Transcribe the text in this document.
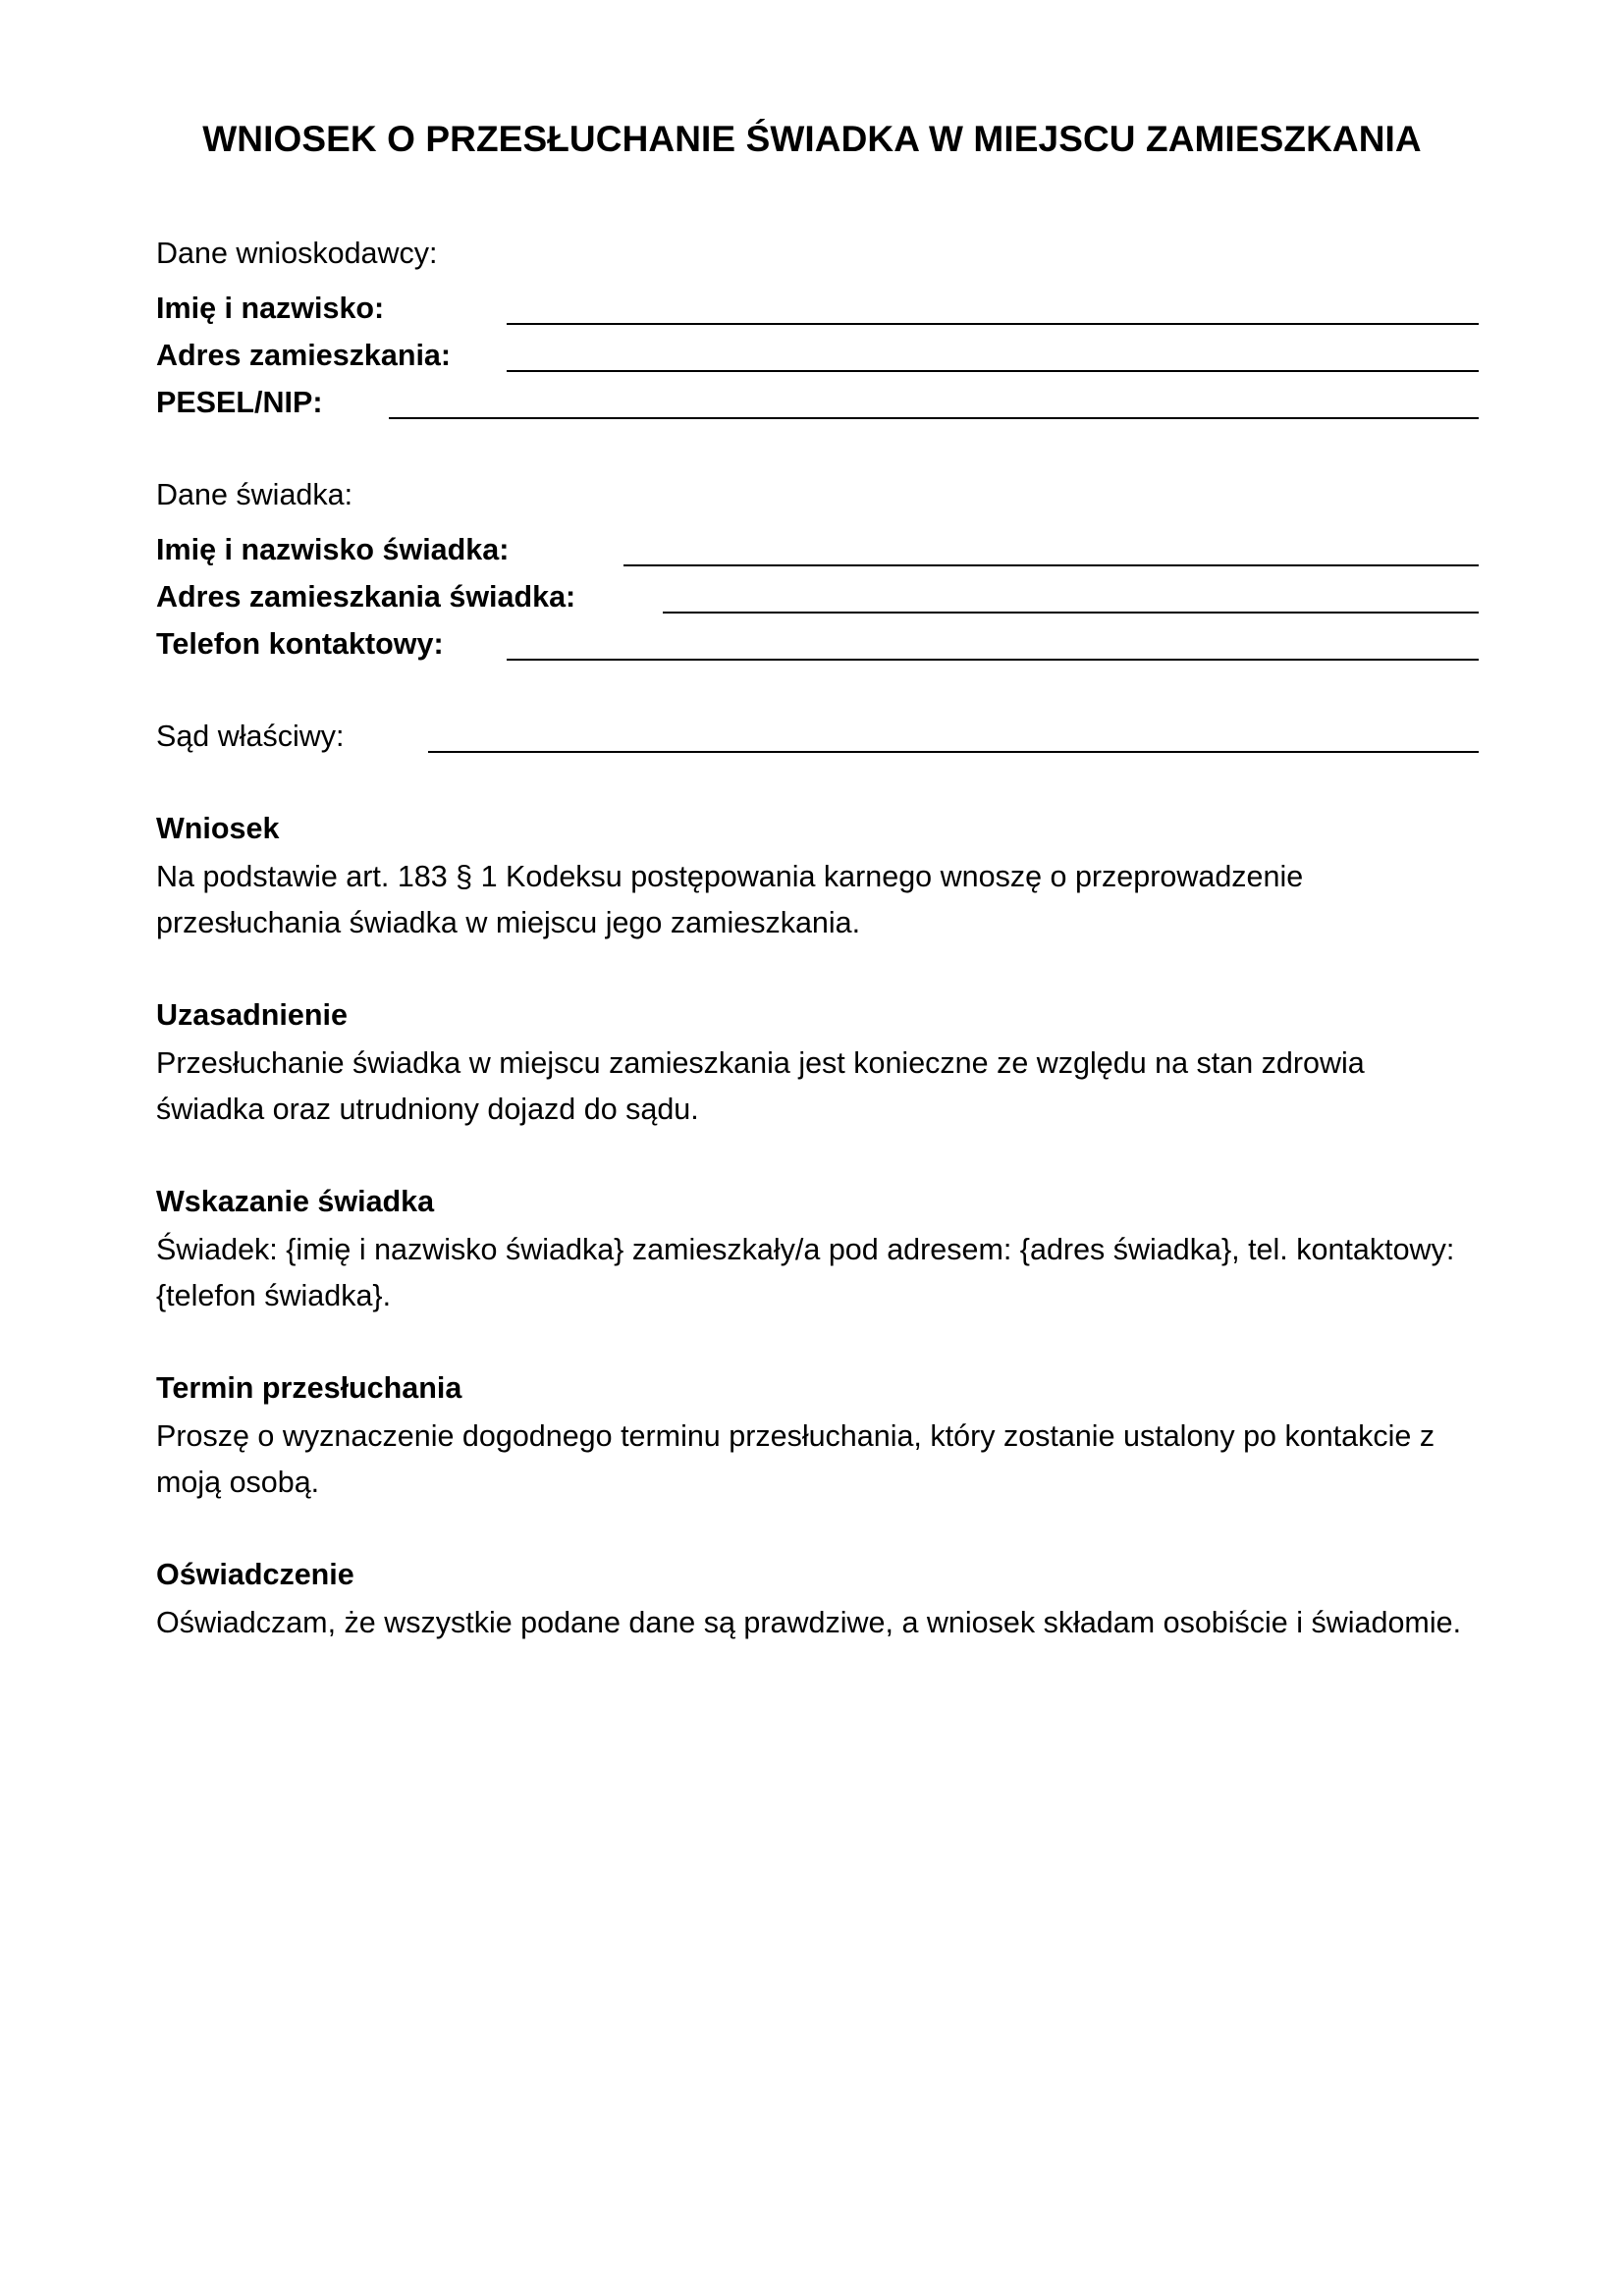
WNIOSEK O PRZESŁUCHANIE ŚWIADKA W MIEJSCU ZAMIESZKANIA
Dane wnioskodawcy:
Imię i nazwisko:
Adres zamieszkania:
PESEL/NIP:
Dane świadka:
Imię i nazwisko świadka:
Adres zamieszkania świadka:
Telefon kontaktowy:
Sąd właściwy:
Wniosek
Na podstawie art. 183 § 1 Kodeksu postępowania karnego wnoszę o przeprowadzenie
przesłuchania świadka w miejscu jego zamieszkania.
Uzasadnienie
Przesłuchanie świadka w miejscu zamieszkania jest konieczne ze względu na stan zdrowia
świadka oraz utrudniony dojazd do sądu.
Wskazanie świadka
Świadek: {imię i nazwisko świadka} zamieszkały/a pod adresem: {adres świadka}, tel. kontaktowy:
{telefon świadka}.
Termin przesłuchania
Proszę o wyznaczenie dogodnego terminu przesłuchania, który zostanie ustalony po kontakcie z
moją osobą.
Oświadczenie
Oświadczam, że wszystkie podane dane są prawdziwe, a wniosek składam osobiście i świadomie.
